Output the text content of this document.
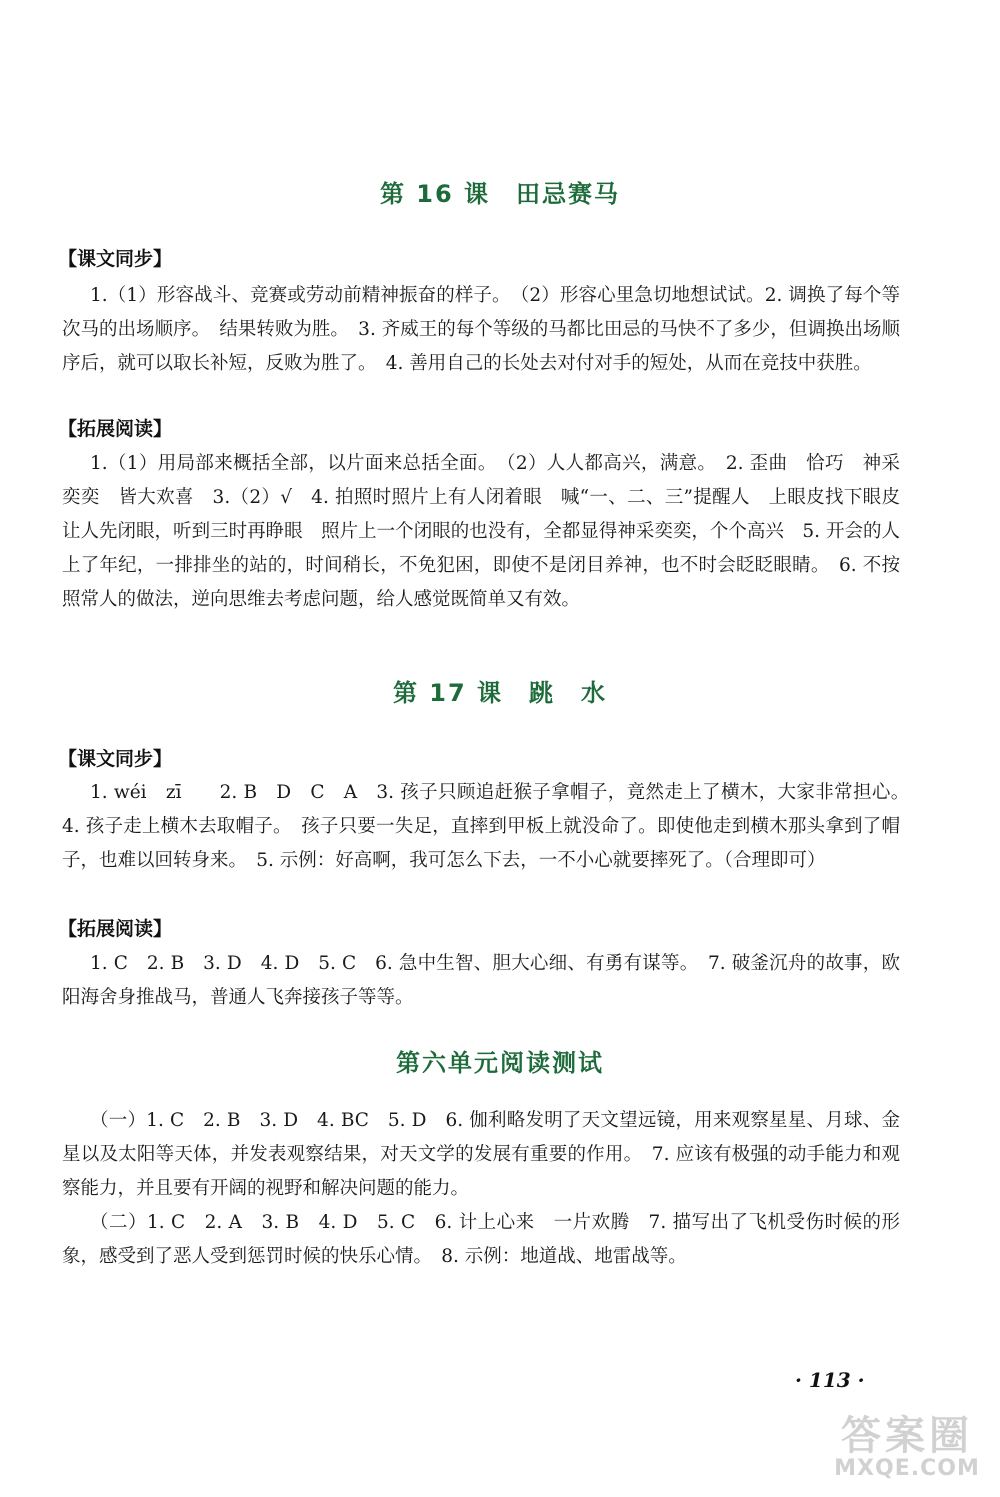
第 16 课　田忌赛马
【课文同步】
1.（1）形容战斗、竞赛或劳动前精神振奋的样子。　（2）形容心里急切地想试试。2. 调换了每个等次马的出场顺序。　结果转败为胜。　3. 齐威王的每个等级的马都比田忌的马快不了多少，但调换出场顺序后，就可以取长补短，反败为胜了。　4. 善用自己的长处去对付对手的短处，从而在竞技中获胜。
【拓展阅读】
1.（1）用局部来概括全部，以片面来总括全面。　（2）人人都高兴，满意。　2. 歪曲　恰巧　神采奕奕　皆大欢喜　3.（2）√　4. 拍照时照片上有人闭着眼　喊“一、二、三”提醒人　上眼皮找下眼皮　让人先闭眼，听到三时再睁眼　照片上一个闭眼的也没有，全都显得神采奕奕，个个高兴　5. 开会的人上了年纪，一排排坐的站的，时间稍长，不免犯困，即使不是闭目养神，也不时会眨眨眼睛。　6. 不按照常人的做法，逆向思维去考虑问题，给人感觉既简单又有效。
第 17 课　跳　水
【课文同步】
1. wéi　zī　　2. B　D　C　A　3. 孩子只顾追赶猴子拿帽子，竟然走上了横木，大家非常担心。　4. 孩子走上横木去取帽子。　孩子只要一失足，直摔到甲板上就没命了。即使他走到横木那头拿到了帽子，也难以回转身来。　5. 示例：好高啊，我可怎么下去，一不小心就要摔死了。（合理即可）
【拓展阅读】
1. C　2. B　3. D　4. D　5. C　6. 急中生智、胆大心细、有勇有谋等。　7. 破釜沉舟的故事，欧阳海舍身推战马，普通人飞奔接孩子等等。
第六单元阅读测试
（一）1. C　2. B　3. D　4. BC　5. D　6. 伽利略发明了天文望远镜，用来观察星星、月球、金星以及太阳等天体，并发表观察结果，对天文学的发展有重要的作用。　7. 应该有极强的动手能力和观察能力，并且要有开阔的视野和解决问题的能力。
（二）1. C　2. A　3. B　4. D　5. C　6. 计上心来　一片欢腾　7. 描写出了飞机受伤时候的形象，感受到了恶人受到惩罚时候的快乐心情。　8. 示例：地道战、地雷战等。
· 113 ·
答案圈
MXQE.COM
